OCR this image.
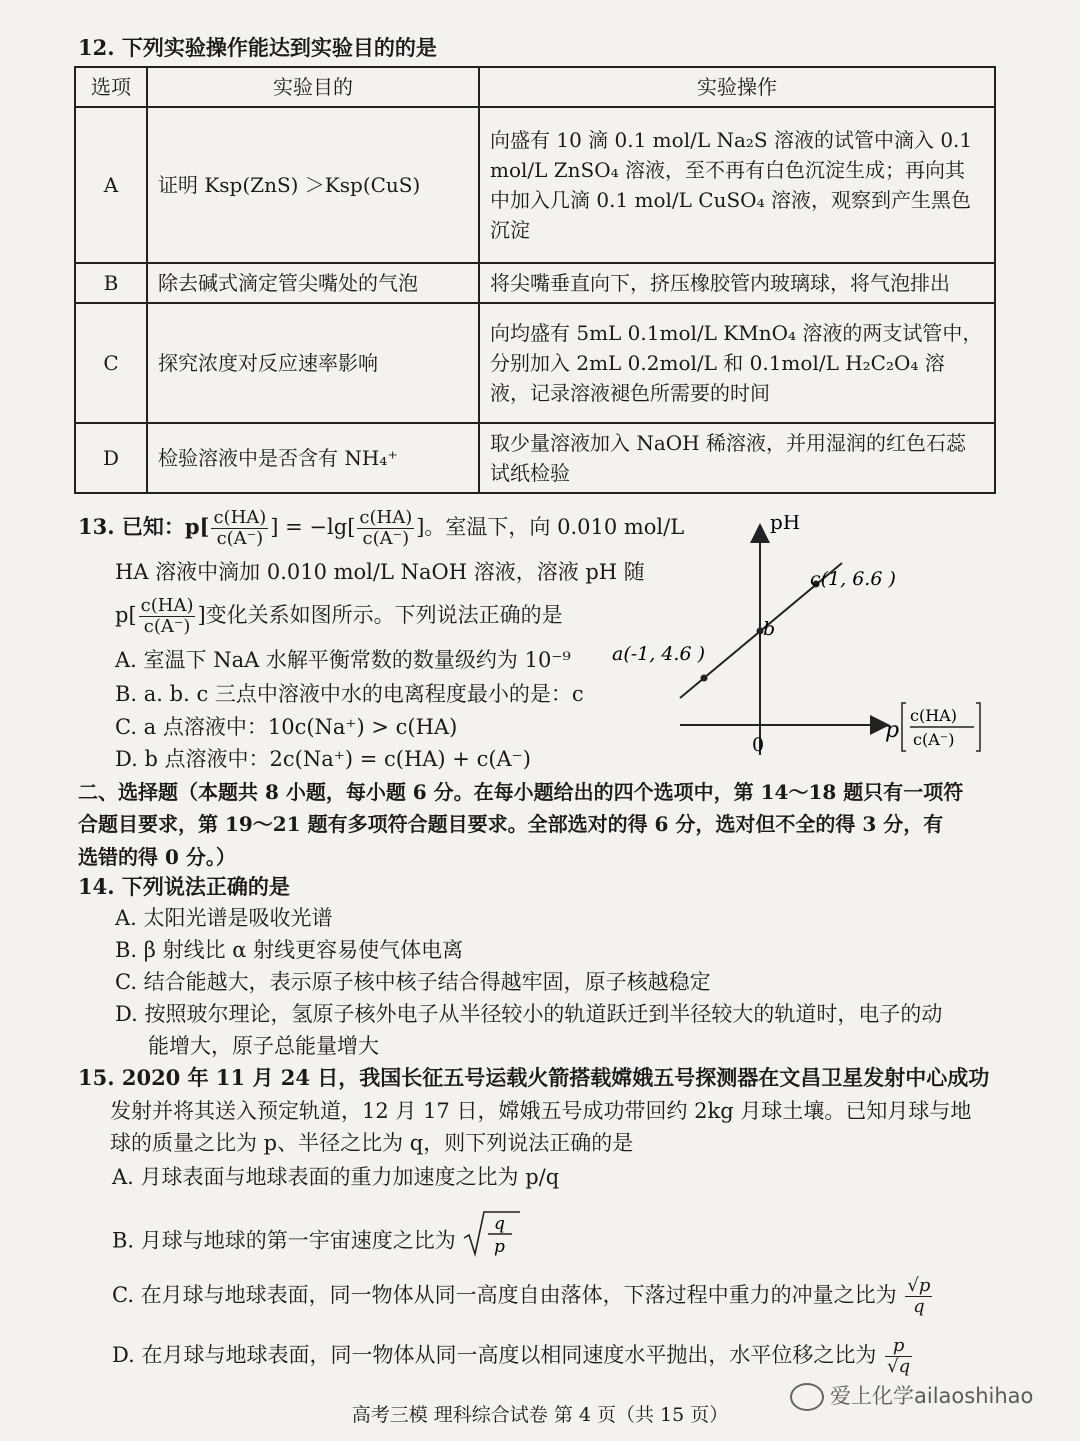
12. 下列实验操作能达到实验目的的是
选项	实验目的	实验操作
A	证明 Ksp(ZnS) ＞Ksp(CuS)	向盛有 10 滴 0.1 mol/L Na₂S 溶液的试管中滴入 0.1 mol/L ZnSO₄ 溶液，至不再有白色沉淀生成；再向其中加入几滴 0.1 mol/L CuSO₄ 溶液，观察到产生黑色沉淀
B	除去碱式滴定管尖嘴处的气泡	将尖嘴垂直向下，挤压橡胶管内玻璃球，将气泡排出
C	探究浓度对反应速率影响	向均盛有 5mL 0.1mol/L KMnO₄ 溶液的两支试管中，分别加入 2mL 0.2mol/L 和 0.1mol/L H₂C₂O₄ 溶液，记录溶液褪色所需要的时间
D	检验溶液中是否含有 NH₄⁺	取少量溶液加入 NaOH 稀溶液，并用湿润的红色石蕊试纸检验
13. 已知：$p[ \frac{c(HA)}{c(A^-)}$ ] = $-\lg[ \frac{c(HA)}{c(A^-)}$ ]。室温下，向 0.010 mol/L
HA 溶液中滴加 0.010 mol/L NaOH 溶液，溶液 pH 随
$p[ \frac{c(HA)}{c(A^-)}$ ]变化关系如图所示。下列说法正确的是
A. 室温下 NaA 水解平衡常数的数量级约为 10⁻⁹
B. a. b. c 三点中溶液中水的电离程度最小的是：c
C. a 点溶液中：10c(Na⁺) > c(HA)
D. b 点溶液中：2c(Na⁺) = c(HA) + c(A⁻)
pH
c(1, 6.6 )
b
a(-1, 4.6 )
0
p
c(HA)
c(A⁻)
二、选择题（本题共 8 小题，每小题 6 分。在每小题给出的四个选项中，第 14～18 题只有一项符
合题目要求，第 19～21 题有多项符合题目要求。全部选对的得 6 分，选对但不全的得 3 分，有
选错的得 0 分。）
14. 下列说法正确的是
A. 太阳光谱是吸收光谱
B. β 射线比 α 射线更容易使气体电离
C. 结合能越大，表示原子核中核子结合得越牢固，原子核越稳定
D. 按照玻尔理论，氢原子核外电子从半径较小的轨道跃迁到半径较大的轨道时，电子的动
能增大，原子总能量增大
15. 2020 年 11 月 24 日，我国长征五号运载火箭搭载嫦娥五号探测器在文昌卫星发射中心成功
发射并将其送入预定轨道，12 月 17 日，嫦娥五号成功带回约 2kg 月球土壤。已知月球与地
球的质量之比为 p、半径之比为 q，则下列说法正确的是
A. 月球表面与地球表面的重力加速度之比为 p/q
B. 月球与地球的第一宇宙速度之比为
q
p
C. 在月球与地球表面，同一物体从同一高度自由落体，下落过程中重力的冲量之比为 $\frac{√p}{q}$
D. 在月球与地球表面，同一物体从同一高度以相同速度水平抛出，水平位移之比为 $\frac{p}{√q}$
高考三模 理科综合试卷 第 4 页（共 15 页）
爱上化学ailaoshihao
